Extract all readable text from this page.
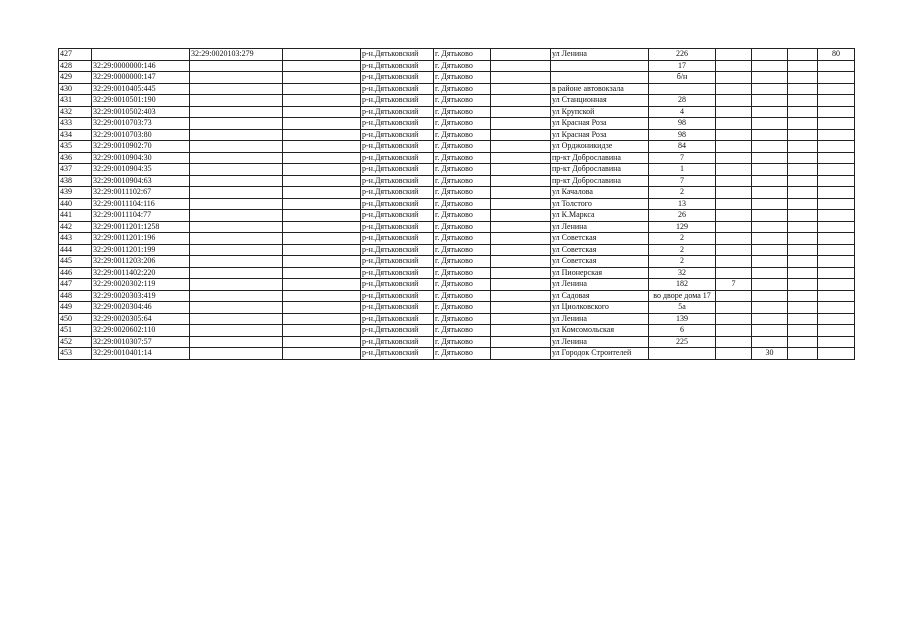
427		32:29:0020103:279		р-н.Дятьковский	г. Дятьково		ул Ленина	226				80
428	32:29:0000000:146			р-н.Дятьковский	г. Дятьково			17				
429	32:29:0000000:147			р-н.Дятьковский	г. Дятьково			б/н				
430	32:29:0010405:445			р-н.Дятьковский	г. Дятьково		в районе автовокзала					
431	32:29:0010501:190			р-н.Дятьковский	г. Дятьково		ул Станционная	28				
432	32:29:0010502:403			р-н.Дятьковский	г. Дятьково		ул Крупской	4				
433	32:29:0010703:73			р-н.Дятьковский	г. Дятьково		ул Красная Роза	98				
434	32:29:0010703:80			р-н.Дятьковский	г. Дятьково		ул Красная Роза	98				
435	32:29:0010902:70			р-н.Дятьковский	г. Дятьково		ул Орджоникидзе	84				
436	32:29:0010904:30			р-н.Дятьковский	г. Дятьково		пр-кт Доброславина	7				
437	32:29:0010904:35			р-н.Дятьковский	г. Дятьково		пр-кт Доброславина	1				
438	32:29:0010904:63			р-н.Дятьковский	г. Дятьково		пр-кт Доброславина	7				
439	32:29:0011102:67			р-н.Дятьковский	г. Дятьково		ул Качалова	2				
440	32:29:0011104:116			р-н.Дятьковский	г. Дятьково		ул Толстого	13				
441	32:29:0011104:77			р-н.Дятьковский	г. Дятьково		ул К.Маркса	26				
442	32:29:0011201:1258			р-н.Дятьковский	г. Дятьково		ул Ленина	129				
443	32:29:0011201:196			р-н.Дятьковский	г. Дятьково		ул Советская	2				
444	32:29:0011201:199			р-н.Дятьковский	г. Дятьково		ул Советская	2				
445	32:29:0011203:206			р-н.Дятьковский	г. Дятьково		ул Советская	2				
446	32:29:0011402:220			р-н.Дятьковский	г. Дятьково		ул Пионерская	32				
447	32:29:0020302:119			р-н.Дятьковский	г. Дятьково		ул Ленина	182	7			
448	32:29:0020303:419			р-н.Дятьковский	г. Дятьково		ул Садовая	во дворе дома 17				
449	32:29:0020304:46			р-н.Дятьковский	г. Дятьково		ул Циолковского	5а				
450	32:29:0020305:64			р-н.Дятьковский	г. Дятьково		ул Ленина	139				
451	32:29:0020602:110			р-н.Дятьковский	г. Дятьково		ул Комсомольская	6				
452	32:29:0010307:57			р-н.Дятьковский	г. Дятьково		ул Ленина	225				
453	32:29:0010401:14			р-н.Дятьковский	г. Дятьково		ул Городок Строителей			30		
